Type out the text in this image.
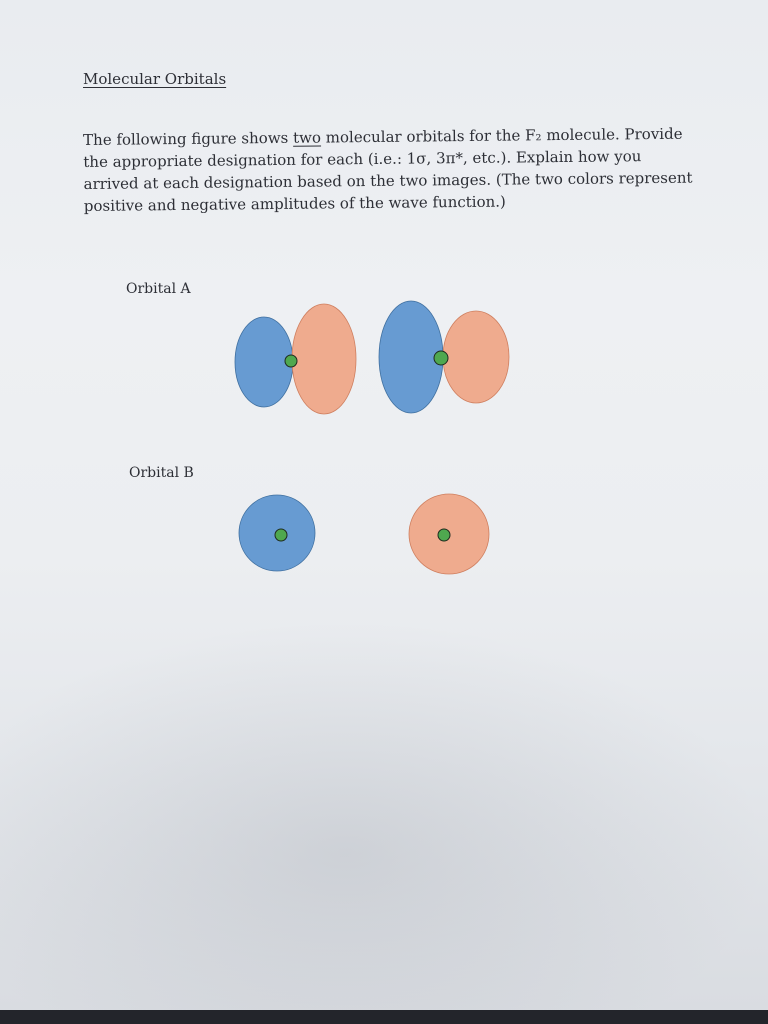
Molecular Orbitals
The following figure shows two molecular orbitals for the F₂ molecule. Provide
the appropriate designation for each (i.e.: 1σ, 3π*, etc.). Explain how you
arrived at each designation based on the two images. (The two colors represent
positive and negative amplitudes of the wave function.)
Orbital A
Orbital B
